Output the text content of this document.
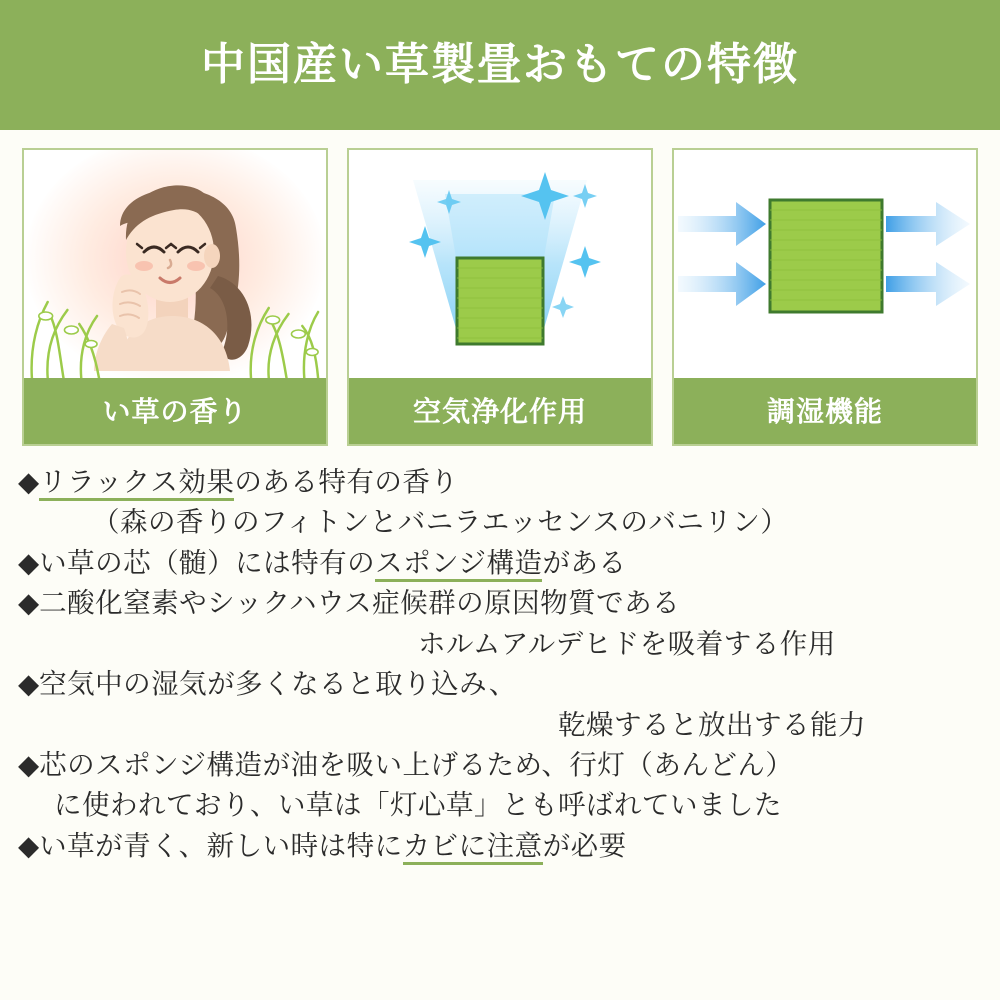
中国産い草製畳おもての特徴
い草の香り	空気浄化作用	調湿機能
◆リラックス効果のある特有の香り
（森の香りのフィトンとバニラエッセンスのバニリン）
◆い草の芯（髄）には特有のスポンジ構造がある
◆二酸化窒素やシックハウス症候群の原因物質である
ホルムアルデヒドを吸着する作用
◆空気中の湿気が多くなると取り込み、
乾燥すると放出する能力
◆芯のスポンジ構造が油を吸い上げるため、行灯（あんどん）
に使われており、い草は「灯心草」とも呼ばれていました
◆い草が青く、新しい時は特にカビに注意が必要
